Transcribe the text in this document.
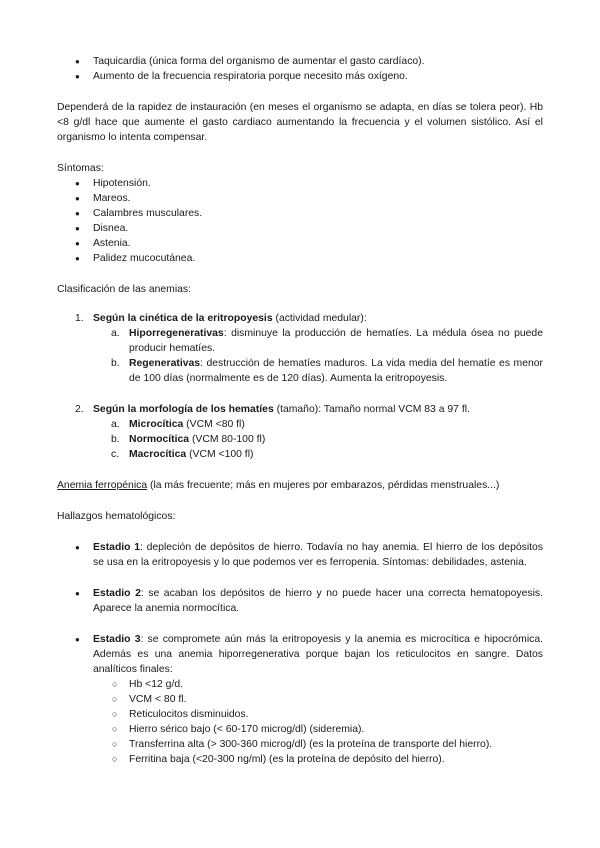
● Taquicardia (única forma del organismo de aumentar el gasto cardíaco).
● Aumento de la frecuencia respiratoria porque necesito más oxígeno.

Dependerá de la rapidez de instauración (en meses el organismo se adapta, en días se tolera peor). Hb <8 g/dl hace que aumente el gasto cardiaco aumentando la frecuencia y el volumen sistólico. Así el organismo lo intenta compensar.

Síntomas:

● Hipotensión.
● Mareos.
● Calambres musculares.
● Disnea.
● Astenia.
● Palidez mucocutánea.

Clasificación de las anemias:

1. Según la cinética de la eritropoyesis (actividad medular):
a. Hiporregenerativas: disminuye la producción de hematíes. La médula ósea no puede producir hematíes.
b. Regenerativas: destrucción de hematíes maduros. La vida media del hematíe es menor de 100 días (normalmente es de 120 días). Aumenta la eritropoyesis.
2. Según la morfología de los hematíes (tamaño): Tamaño normal VCM 83 a 97 fl.
a. Microcítica (VCM <80 fl)
b. Normocítica (VCM 80-100 fl)
c. Macrocítica (VCM <100 fl)

Anemia ferropénica (la más frecuente; más en mujeres por embarazos, pérdidas menstruales...)

Hallazgos hematológicos:

● Estadio 1: depleción de depósitos de hierro. Todavía no hay anemia. El hierro de los depósitos se usa en la eritropoyesis y lo que podemos ver es ferropenia. Síntomas: debilidades, astenia.
● Estadio 2: se acaban los depósitos de hierro y no puede hacer una correcta hematopoyesis. Aparece la anemia normocítica.
● Estadio 3: se compromete aún más la eritropoyesis y la anemia es microcítica e hipocrómica. Además es una anemia hiporregenerativa porque bajan los reticulocitos en sangre. Datos analíticos finales:
○ Hb <12 g/d.
○ VCM < 80 fl.
○ Reticulocitos disminuidos.
○ Hierro sérico bajo (< 60-170 microg/dl) (sideremia).
○ Transferrina alta (> 300-360 microg/dl) (es la proteína de transporte del hierro).
○ Ferritina baja (<20-300 ng/ml) (es la proteína de depósito del hierro).
